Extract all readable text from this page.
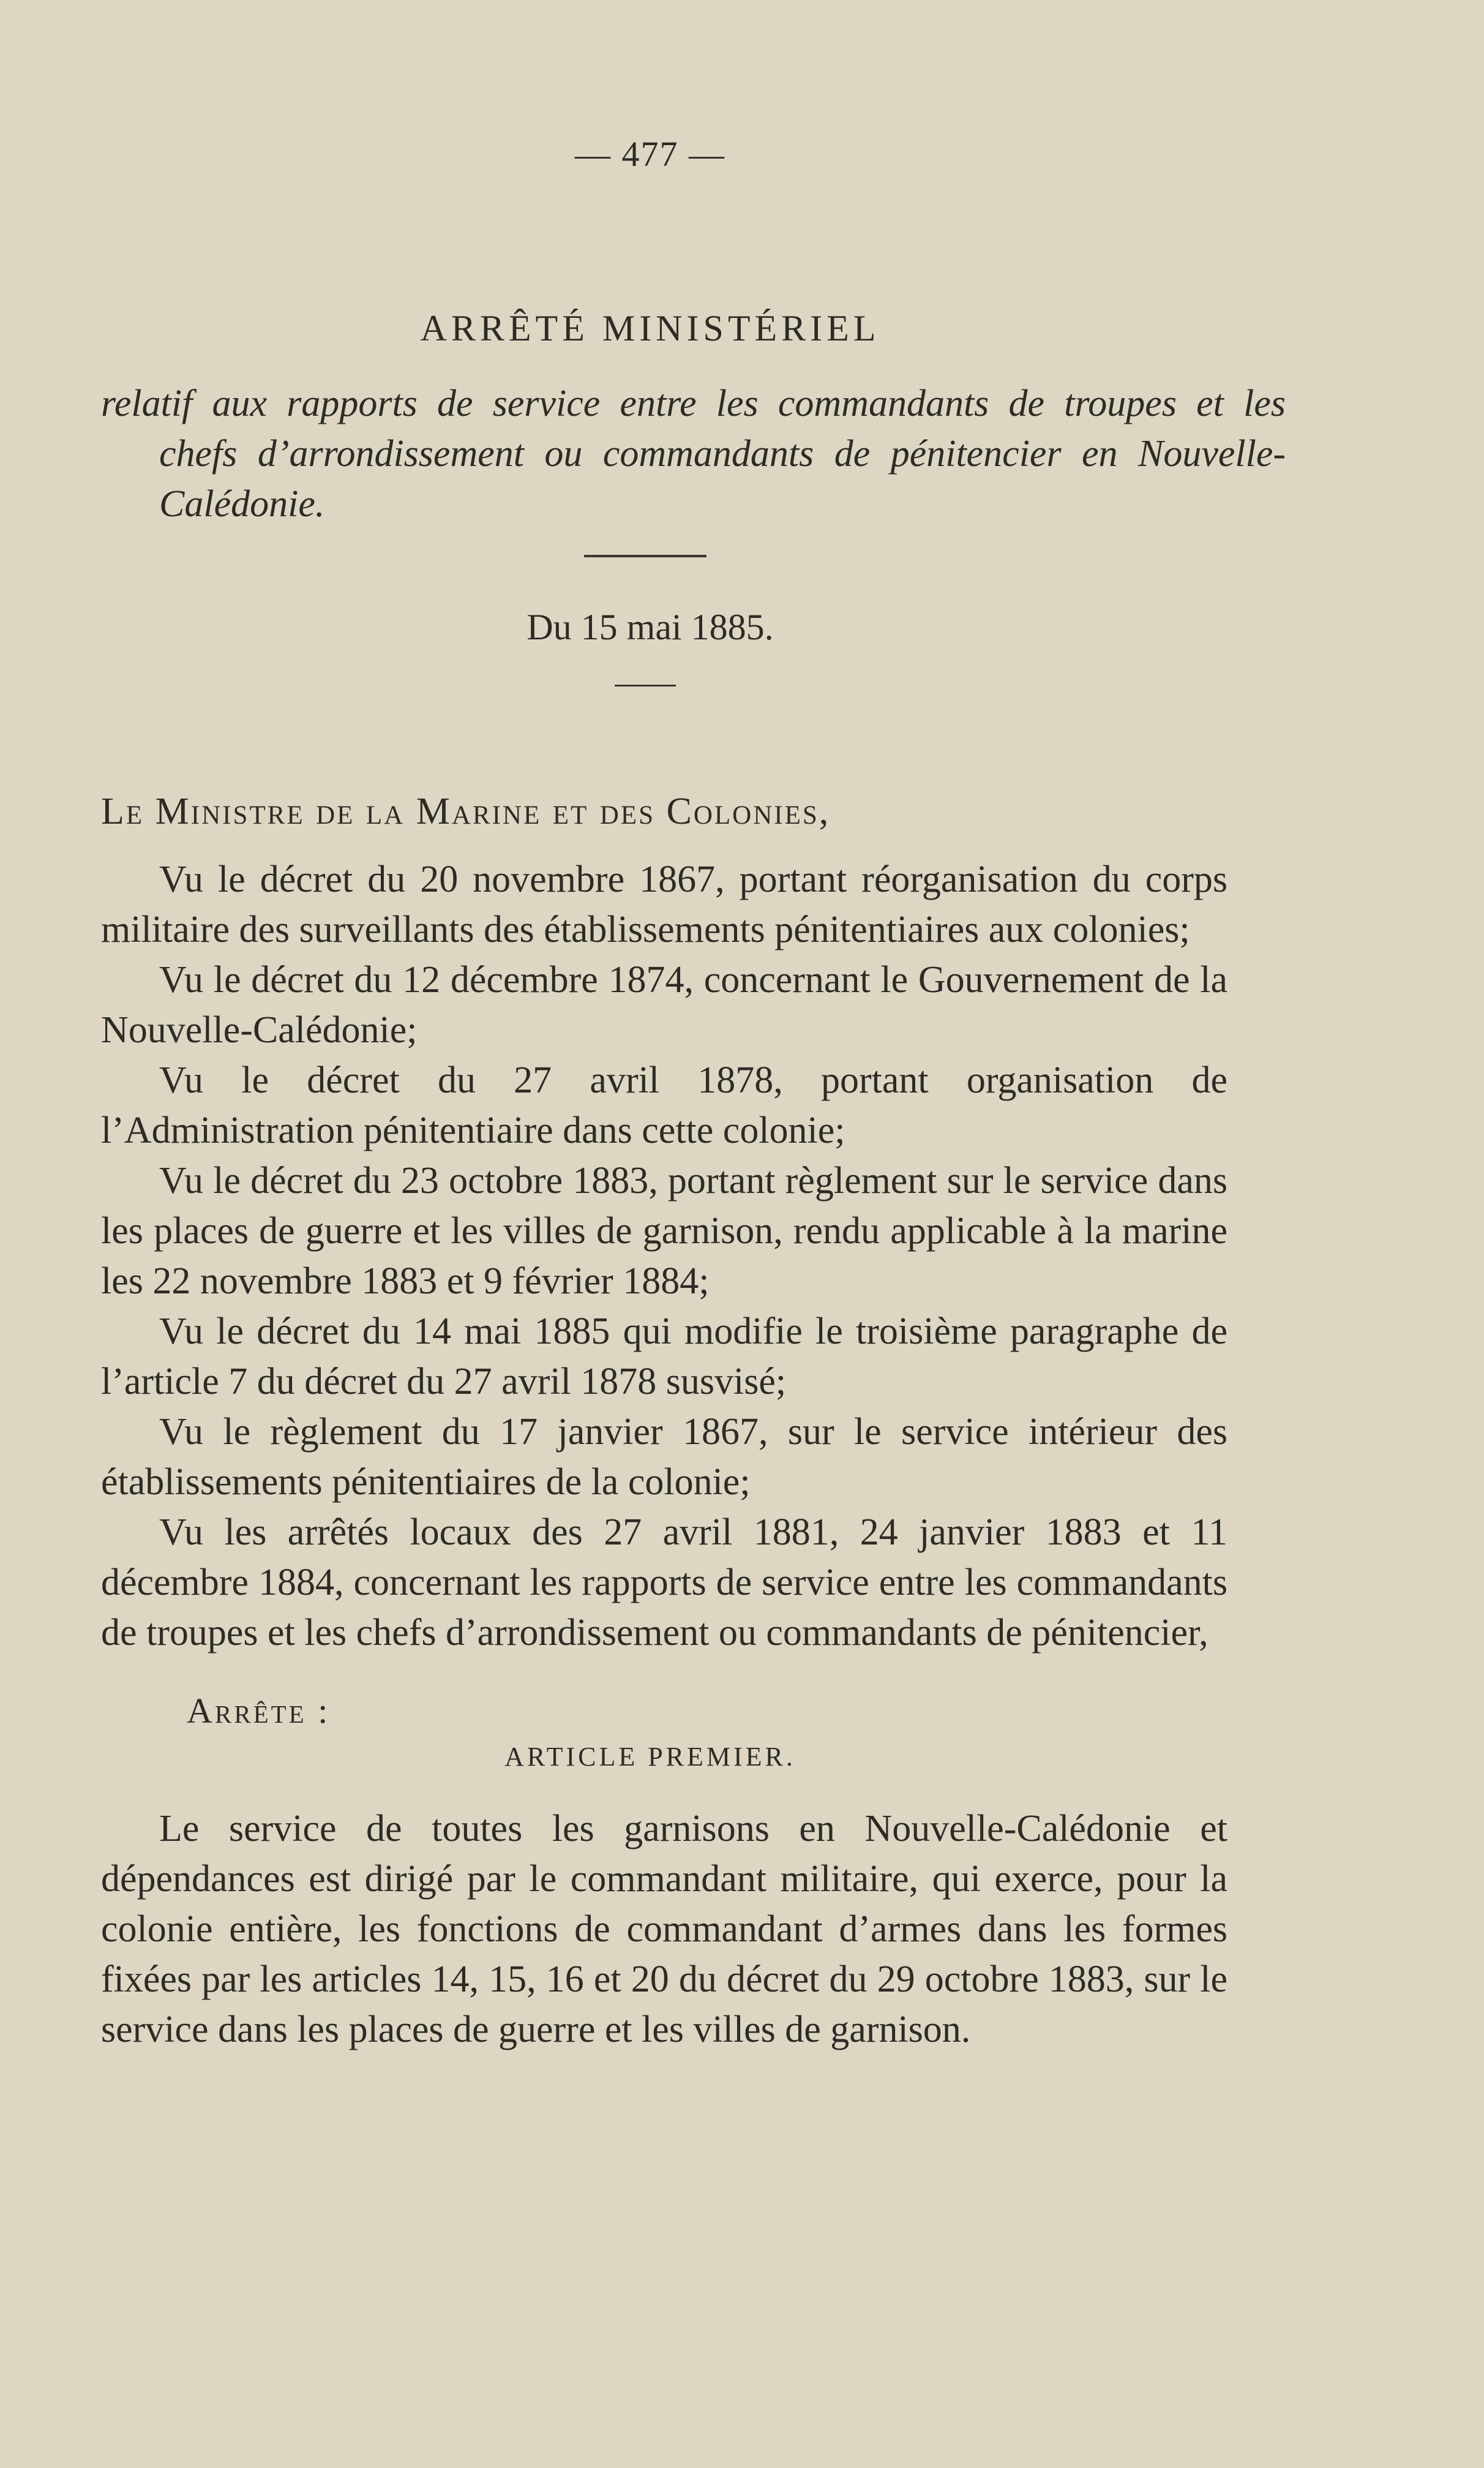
— 477 —
ARRÊTÉ MINISTÉRIEL
relatif aux rapports de service entre les commandants de troupes et les chefs d’arrondissement ou commandants de pénitencier en Nouvelle-Calédonie.
Du 15 mai 1885.
Le Ministre de la Marine et des Colonies,

Vu le décret du 20 novembre 1867, portant réorganisation du corps militaire des surveillants des établissements pénitentiaires aux colonies;

Vu le décret du 12 décembre 1874, concernant le Gouvernement de la Nouvelle-Calédonie;

Vu le décret du 27 avril 1878, portant organisation de l’Administration pénitentiaire dans cette colonie;

Vu le décret du 23 octobre 1883, portant règlement sur le service dans les places de guerre et les villes de garnison, rendu applicable à la marine les 22 novembre 1883 et 9 février 1884;

Vu le décret du 14 mai 1885 qui modifie le troisième paragraphe de l’article 7 du décret du 27 avril 1878 susvisé;

Vu le règlement du 17 janvier 1867, sur le service intérieur des établissements pénitentiaires de la colonie;

Vu les arrêtés locaux des 27 avril 1881, 24 janvier 1883 et 11 décembre 1884, concernant les rapports de service entre les commandants de troupes et les chefs d’arrondissement ou commandants de pénitencier,

Arrête :
ARTICLE PREMIER.

Le service de toutes les garnisons en Nouvelle-Calédonie et dépendances est dirigé par le commandant militaire, qui exerce, pour la colonie entière, les fonctions de commandant d’armes dans les formes fixées par les articles 14, 15, 16 et 20 du décret du 29 octobre 1883, sur le service dans les places de guerre et les villes de garnison.
